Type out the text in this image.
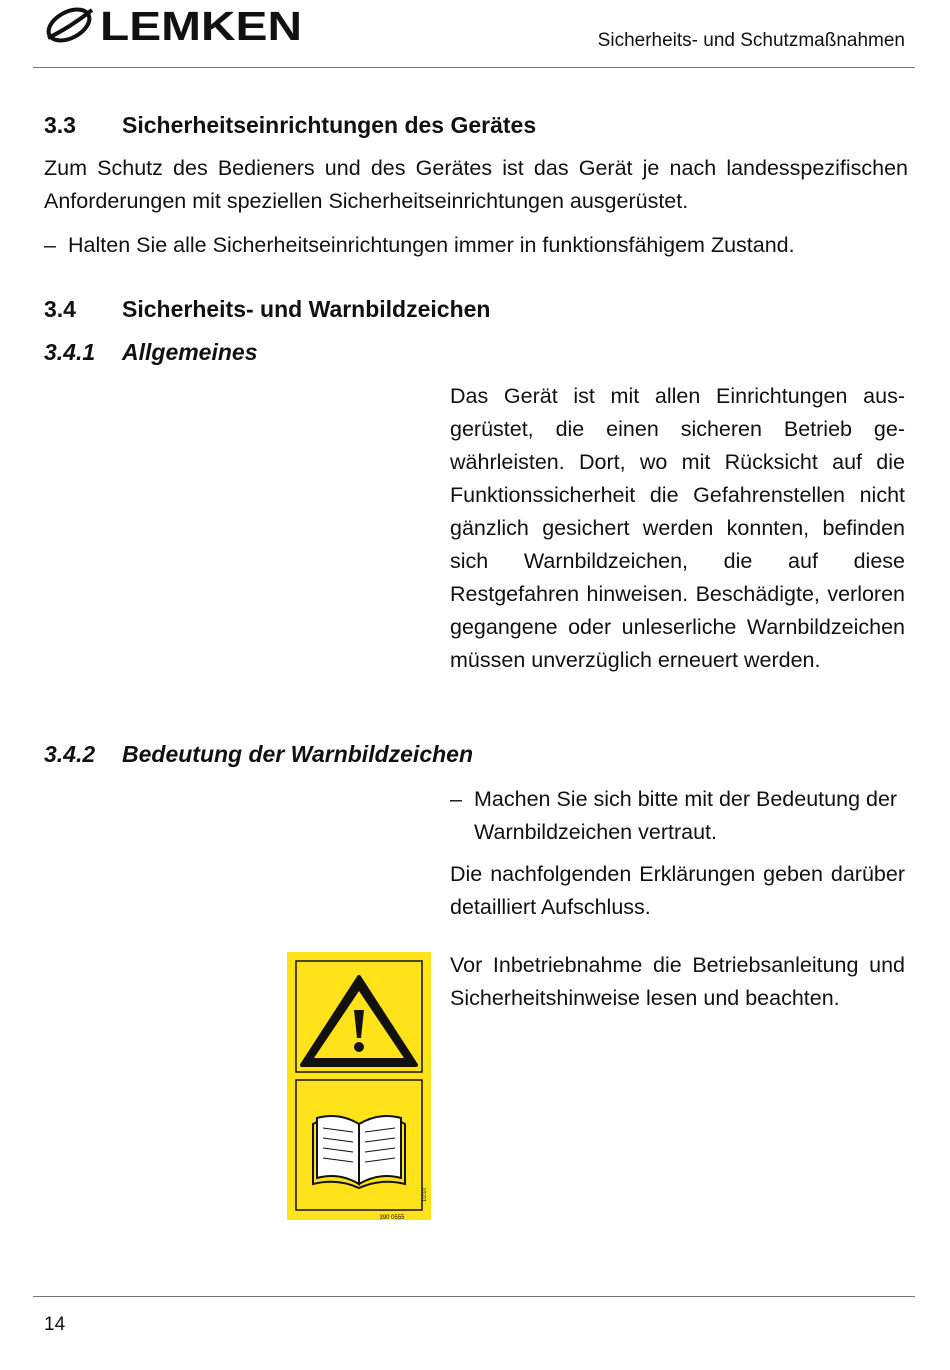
LEMKEN	Sicherheits- und Schutzmaßnahmen
3.3 Sicherheitseinrichtungen des Gerätes
Zum Schutz des Bedieners und des Gerätes ist das Gerät je nach landesspezifischen Anforderungen mit speziellen Sicherheitseinrichtungen ausgerüstet.
– Halten Sie alle Sicherheitseinrichtungen immer in funktionsfähigem Zustand.
3.4 Sicherheits- und Warnbildzeichen
3.4.1 Allgemeines
Das Gerät ist mit allen Einrichtungen ausgerüstet, die einen sicheren Betrieb gewährleisten. Dort, wo mit Rücksicht auf die Funktionssicherheit die Gefahrenstellen nicht gänzlich gesichert werden konnten, befinden sich Warnbildzeichen, die auf diese Restgefahren hinweisen. Beschädigte, verloren gegangene oder unleserliche Warnbildzeichen müssen unverzüglich erneuert werden.
3.4.2 Bedeutung der Warnbildzeichen
– Machen Sie sich bitte mit der Bedeutung der Warnbildzeichen vertraut.
Die nachfolgenden Erklärungen geben darüber detailliert Aufschluss.
Vor Inbetriebnahme die Betriebsanleitung und Sicherheitshinweise lesen und beachten.
390 0555
10.07
14
